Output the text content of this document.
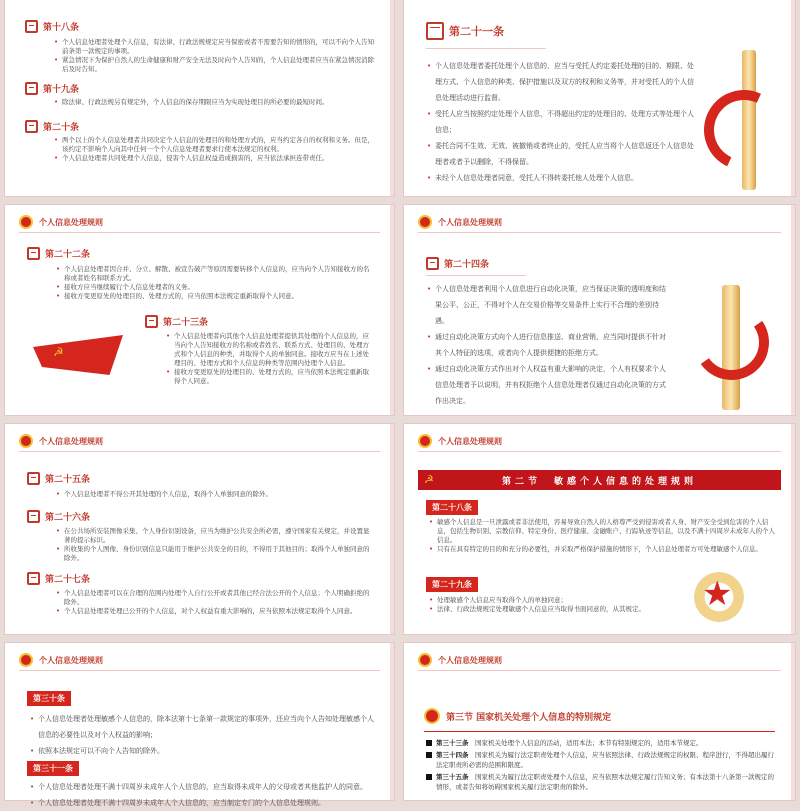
第十八条
• 个人信息处理者处理个人信息，有法律、行政法规规定应当保密或者不需要告知的情形的，可以不向个人告知前条第一款规定的事项。
• 紧急情况下为保护自然人的生命健康和财产安全无法及时向个人告知的，个人信息处理者应当在紧急情况消除后及时告知。
第十九条
• 除法律、行政法规另有规定外，个人信息的保存期限应当为实现处理目的所必要的最短时间。
第二十条
• 两个以上的个人信息处理者共同决定个人信息的处理目的和处理方式的，应当约定各自的权利和义务。但是，该约定不影响个人向其中任何一个个人信息处理者要求行使本法规定的权利。
• 个人信息处理者共同处理个人信息，侵害个人信息权益造成损害的，应当依法承担连带责任。
第二十一条
• 个人信息处理者委托处理个人信息的，应当与受托人约定委托处理的目的、期限、处理方式、个人信息的种类、保护措施以及双方的权利和义务等，并对受托人的个人信息处理活动进行监督。
• 受托人应当按照约定处理个人信息，不得超出约定的处理目的、处理方式等处理个人信息；
• 委托合同不生效、无效、被撤销或者终止的，受托人应当将个人信息返还个人信息处理者或者予以删除，不得保留。
• 未经个人信息处理者同意，受托人不得转委托他人处理个人信息。
个人信息处理规则
第二十二条
• 个人信息处理者因合并、分立、解散、被宣告破产等原因需要转移个人信息的，应当向个人告知接收方的名称或者姓名和联系方式。
• 接收方应当继续履行个人信息处理者的义务。
• 接收方变更原先的处理目的、处理方式的，应当依照本法规定重新取得个人同意。
第二十三条
• 个人信息处理者向其他个人信息处理者提供其处理的个人信息的，应当向个人告知接收方的名称或者姓名、联系方式、处理目的、处理方式和个人信息的种类，并取得个人的单独同意。接收方应当在上述处理目的、处理方式和个人信息的种类等范围内处理个人信息。
• 接收方变更原先的处理目的、处理方式的，应当依照本法规定重新取得个人同意。
☭
个人信息处理规则
第二十四条
• 个人信息处理者利用个人信息进行自动化决策，应当保证决策的透明度和结果公平、公正，不得对个人在交易价格等交易条件上实行不合理的差别待遇。
• 通过自动化决策方式向个人进行信息推送、商业营销，应当同时提供不针对其个人特征的选项，或者向个人提供便捷的拒绝方式。
• 通过自动化决策方式作出对个人权益有重大影响的决定，个人有权要求个人信息处理者予以说明，并有权拒绝个人信息处理者仅通过自动化决策的方式作出决定。
个人信息处理规则
第二十五条
• 个人信息处理者不得公开其处理的个人信息，取得个人单独同意的除外。
第二十六条
• 在公共场所安装图像采集、个人身份识别设备，应当为维护公共安全所必需，遵守国家有关规定，并设置显著的提示标识。
• 所收集的个人图像、身份识别信息只能用于维护公共安全的目的，不得用于其他目的；取得个人单独同意的除外。
第二十七条
• 个人信息处理者可以在合理的范围内处理个人自行公开或者其他已经合法公开的个人信息；个人明确拒绝的除外。
• 个人信息处理者处理已公开的个人信息，对个人权益有重大影响的，应当依照本法规定取得个人同意。
个人信息处理规则
第二节　敏感个人信息的处理规则
☭
第二十八条
• 敏感个人信息是一旦泄露或者非法使用，容易导致自然人的人格尊严受到侵害或者人身、财产安全受到危害的个人信息，包括生物识别、宗教信仰、特定身份、医疗健康、金融账户、行踪轨迹等信息，以及不满十四周岁未成年人的个人信息。
• 只有在具有特定的目的和充分的必要性，并采取严格保护措施的情形下，个人信息处理者方可处理敏感个人信息。
第二十九条
• 处理敏感个人信息应当取得个人的单独同意；
• 法律、行政法规规定处理敏感个人信息应当取得书面同意的，从其规定。	★
个人信息处理规则
第三十条
• 个人信息处理者处理敏感个人信息的，除本法第十七条第一款规定的事项外，还应当向个人告知处理敏感个人信息的必要性以及对个人权益的影响；
• 依照本法规定可以不向个人告知的除外。
第三十一条
• 个人信息处理者处理不满十四周岁未成年人个人信息的，应当取得未成年人的父母或者其他监护人的同意。
• 个人信息处理者处理不满十四周岁未成年人个人信息的，应当制定专门的个人信息处理规则。
个人信息处理规则
第三节 国家机关处理个人信息的特别规定
第三十三条　 国家机关处理个人信息的活动，适用本法；本节有特别规定的，适用本节规定。
第三十四条　 国家机关为履行法定职责处理个人信息，应当依照法律、行政法规规定的权限、程序进行，不得超出履行法定职责所必需的范围和限度。
第三十五条　 国家机关为履行法定职责处理个人信息，应当依照本法规定履行告知义务；有本法第十八条第一款规定的情形，或者告知将妨碍国家机关履行法定职责的除外。
